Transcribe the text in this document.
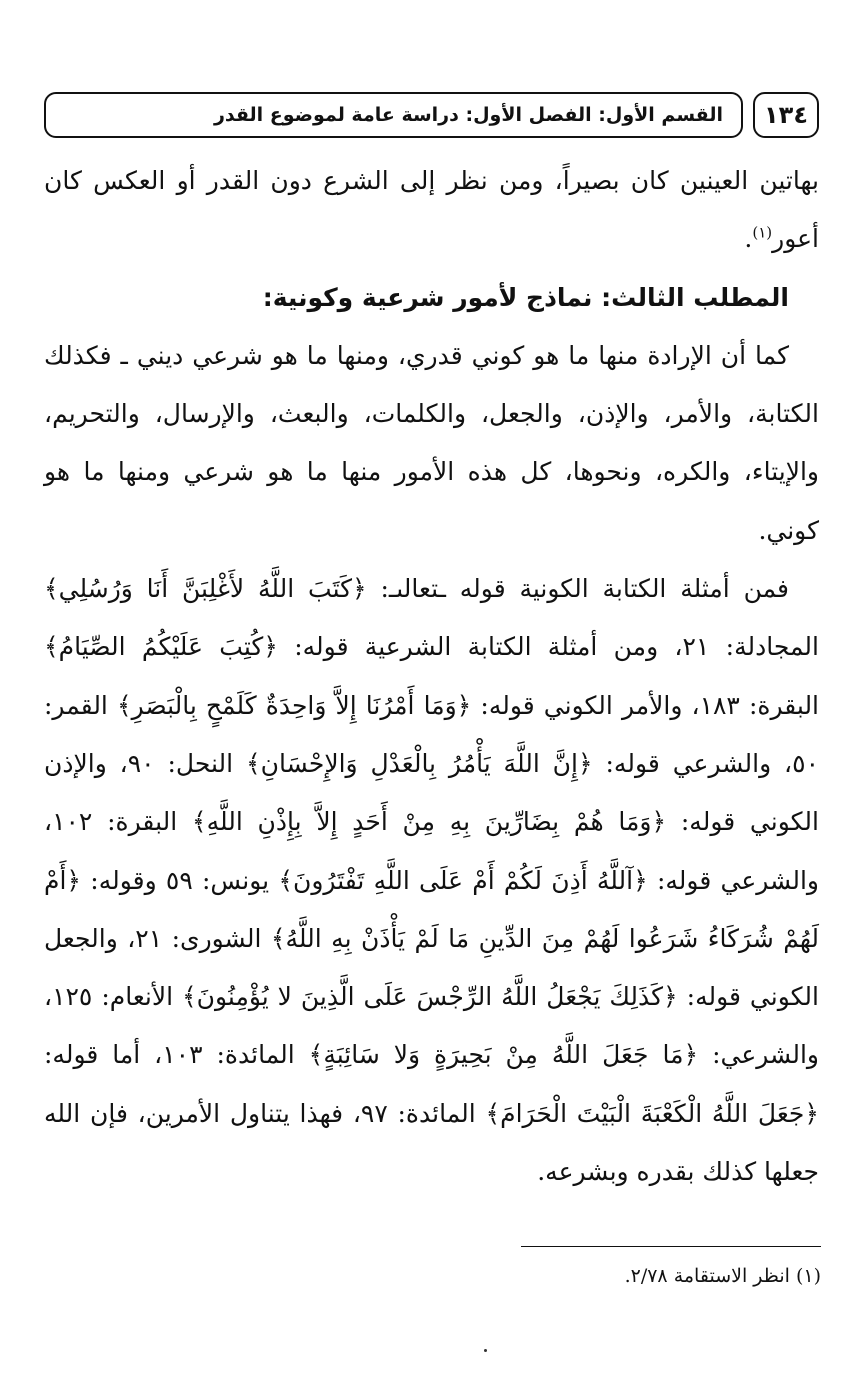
١٣٤
القسم الأول: الفصل الأول: دراسة عامة لموضوع القدر

بهاتين العينين كان بصيراً، ومن نظر إلى الشرع دون القدر أو العكس كان أعور$^{(١)}$.

المطلب الثالث: نماذج لأمور شرعية وكونية:

كما أن الإرادة منها ما هو كوني قدري، ومنها ما هو شرعي ديني ـ فكذلك الكتابة، والأمر، والإذن، والجعل، والكلمات، والبعث، والإرسال، والتحريم، والإيتاء، والكره، ونحوها، كل هذه الأمور منها ما هو شرعي ومنها ما هو كوني.

فمن أمثلة الكتابة الكونية قوله ـتعالىـ: ﴿كَتَبَ اللَّهُ لأَغْلِبَنَّ أَنَا وَرُسُلِي﴾ المجادلة: ٢١، ومن أمثلة الكتابة الشرعية قوله: ﴿كُتِبَ عَلَيْكُمُ الصِّيَامُ﴾ البقرة: ١٨٣، والأمر الكوني قوله: ﴿وَمَا أَمْرُنَا إِلاَّ وَاحِدَةٌ كَلَمْحٍ بِالْبَصَرِ﴾ القمر: ٥٠، والشرعي قوله: ﴿إِنَّ اللَّهَ يَأْمُرُ بِالْعَدْلِ وَالإِحْسَانِ﴾ النحل: ٩٠، والإذن الكوني قوله: ﴿وَمَا هُمْ بِضَارِّينَ بِهِ مِنْ أَحَدٍ إِلاَّ بِإِذْنِ اللَّهِ﴾ البقرة: ١٠٢، والشرعي قوله: ﴿آللَّهُ أَذِنَ لَكُمْ أَمْ عَلَى اللَّهِ تَفْتَرُونَ﴾ يونس: ٥٩ وقوله: ﴿أَمْ لَهُمْ شُرَكَاءُ شَرَعُوا لَهُمْ مِنَ الدِّينِ مَا لَمْ يَأْذَنْ بِهِ اللَّهُ﴾ الشورى: ٢١، والجعل الكوني قوله: ﴿كَذَلِكَ يَجْعَلُ اللَّهُ الرِّجْسَ عَلَى الَّذِينَ لا يُؤْمِنُونَ﴾ الأنعام: ١٢٥، والشرعي: ﴿مَا جَعَلَ اللَّهُ مِنْ بَحِيرَةٍ وَلا سَائِبَةٍ﴾ المائدة: ١٠٣، أما قوله: ﴿جَعَلَ اللَّهُ الْكَعْبَةَ الْبَيْتَ الْحَرَامَ﴾ المائدة: ٩٧، فهذا يتناول الأمرين، فإن الله جعلها كذلك بقدره وبشرعه.

(١) انظر الاستقامة ٢/٧٨.
